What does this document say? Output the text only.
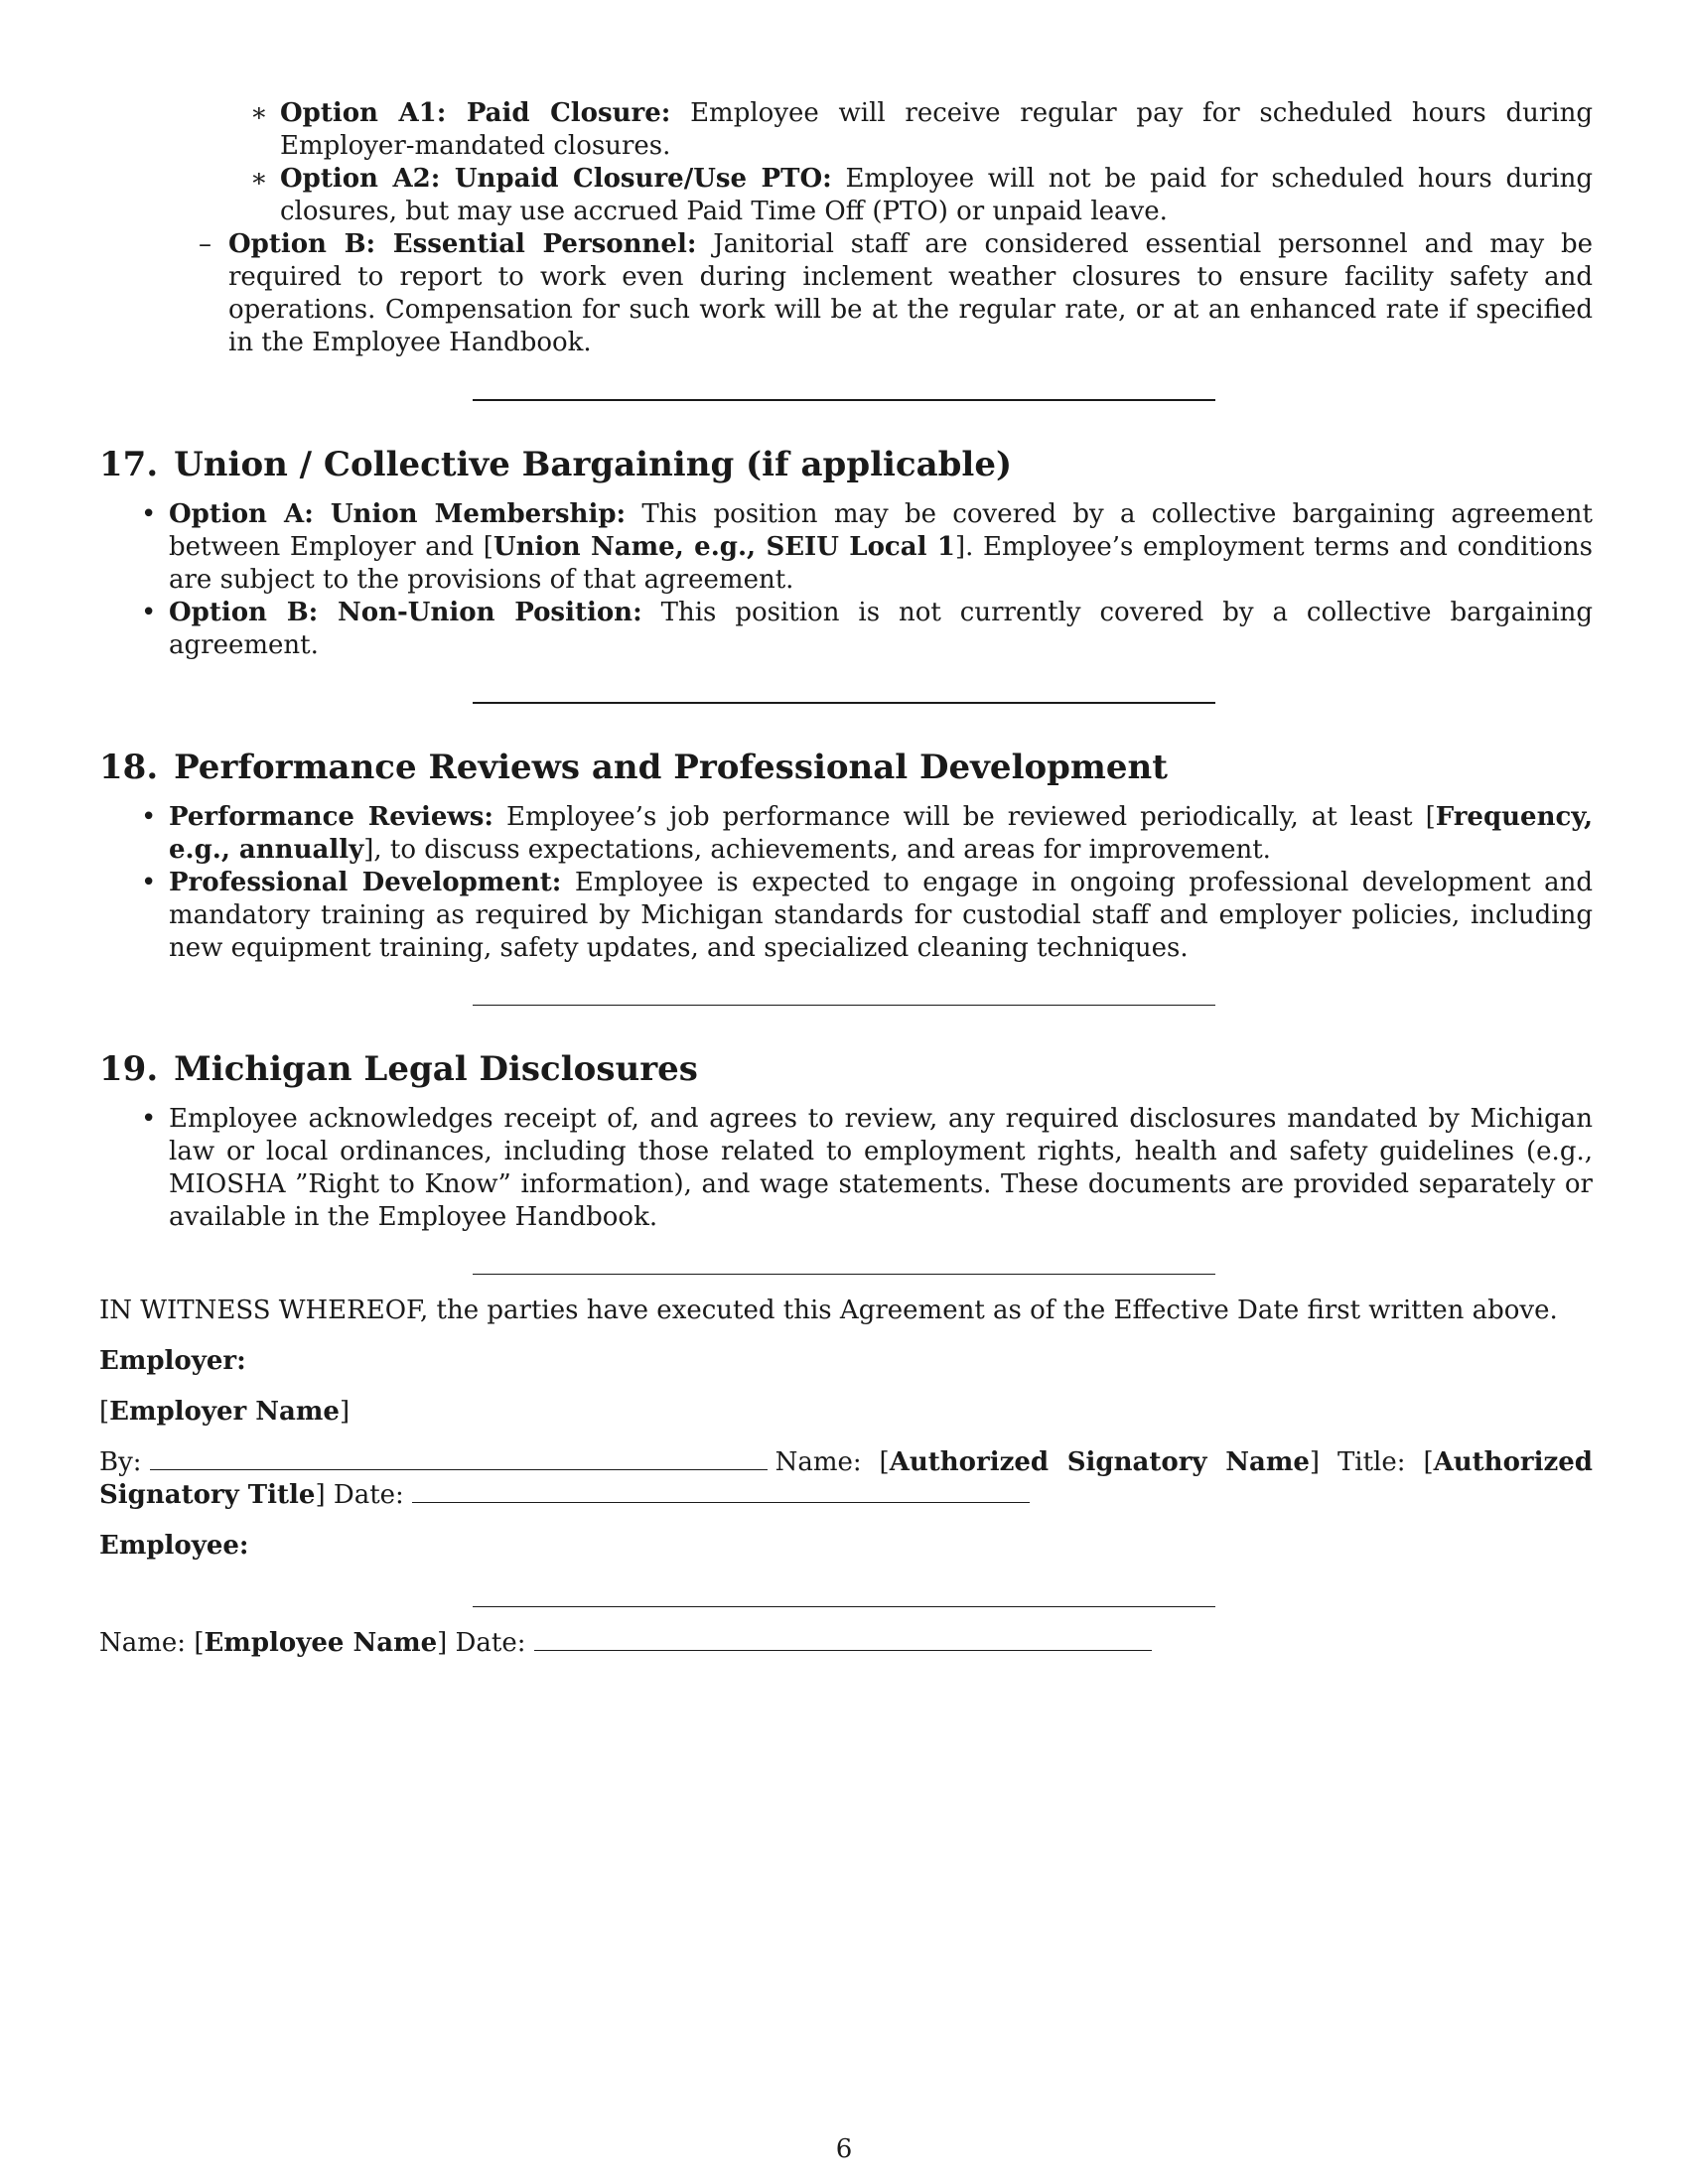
∗ Option A1: Paid Closure: Employee will receive regular pay for scheduled hours during Employer-mandated closures.
∗ Option A2: Unpaid Closure/Use PTO: Employee will not be paid for scheduled hours during closures, but may use accrued Paid Time Off (PTO) or unpaid leave.
– Option B: Essential Personnel: Janitorial staff are considered essential personnel and may be required to report to work even during inclement weather closures to ensure facility safety and operations. Compensation for such work will be at the regular rate, or at an enhanced rate if specified in the Employee Handbook.
17. Union / Collective Bargaining (if applicable)
• Option A: Union Membership: This position may be covered by a collective bargaining agreement between Employer and [Union Name, e.g., SEIU Local 1]. Employee’s employment terms and conditions are subject to the provisions of that agreement.
• Option B: Non-Union Position: This position is not currently covered by a collective bargaining agreement.
18. Performance Reviews and Professional Development
• Performance Reviews: Employee’s job performance will be reviewed periodically, at least [Frequency, e.g., annually], to discuss expectations, achievements, and areas for improvement.
• Professional Development: Employee is expected to engage in ongoing professional development and mandatory training as required by Michigan standards for custodial staff and employer policies, including new equipment training, safety updates, and specialized cleaning techniques.
19. Michigan Legal Disclosures
• Employee acknowledges receipt of, and agrees to review, any required disclosures mandated by Michigan law or local ordinances, including those related to employment rights, health and safety guidelines (e.g., MIOSHA ”Right to Know” information), and wage statements. These documents are provided separately or available in the Employee Handbook.

IN WITNESS WHEREOF, the parties have executed this Agreement as of the Effective Date first written above.

Employer:

[Employer Name]

By:	Name: [Authorized Signatory Name] Title: [Authorized Signatory Title] Date:

Employee:

Name: [Employee Name] Date:

6
